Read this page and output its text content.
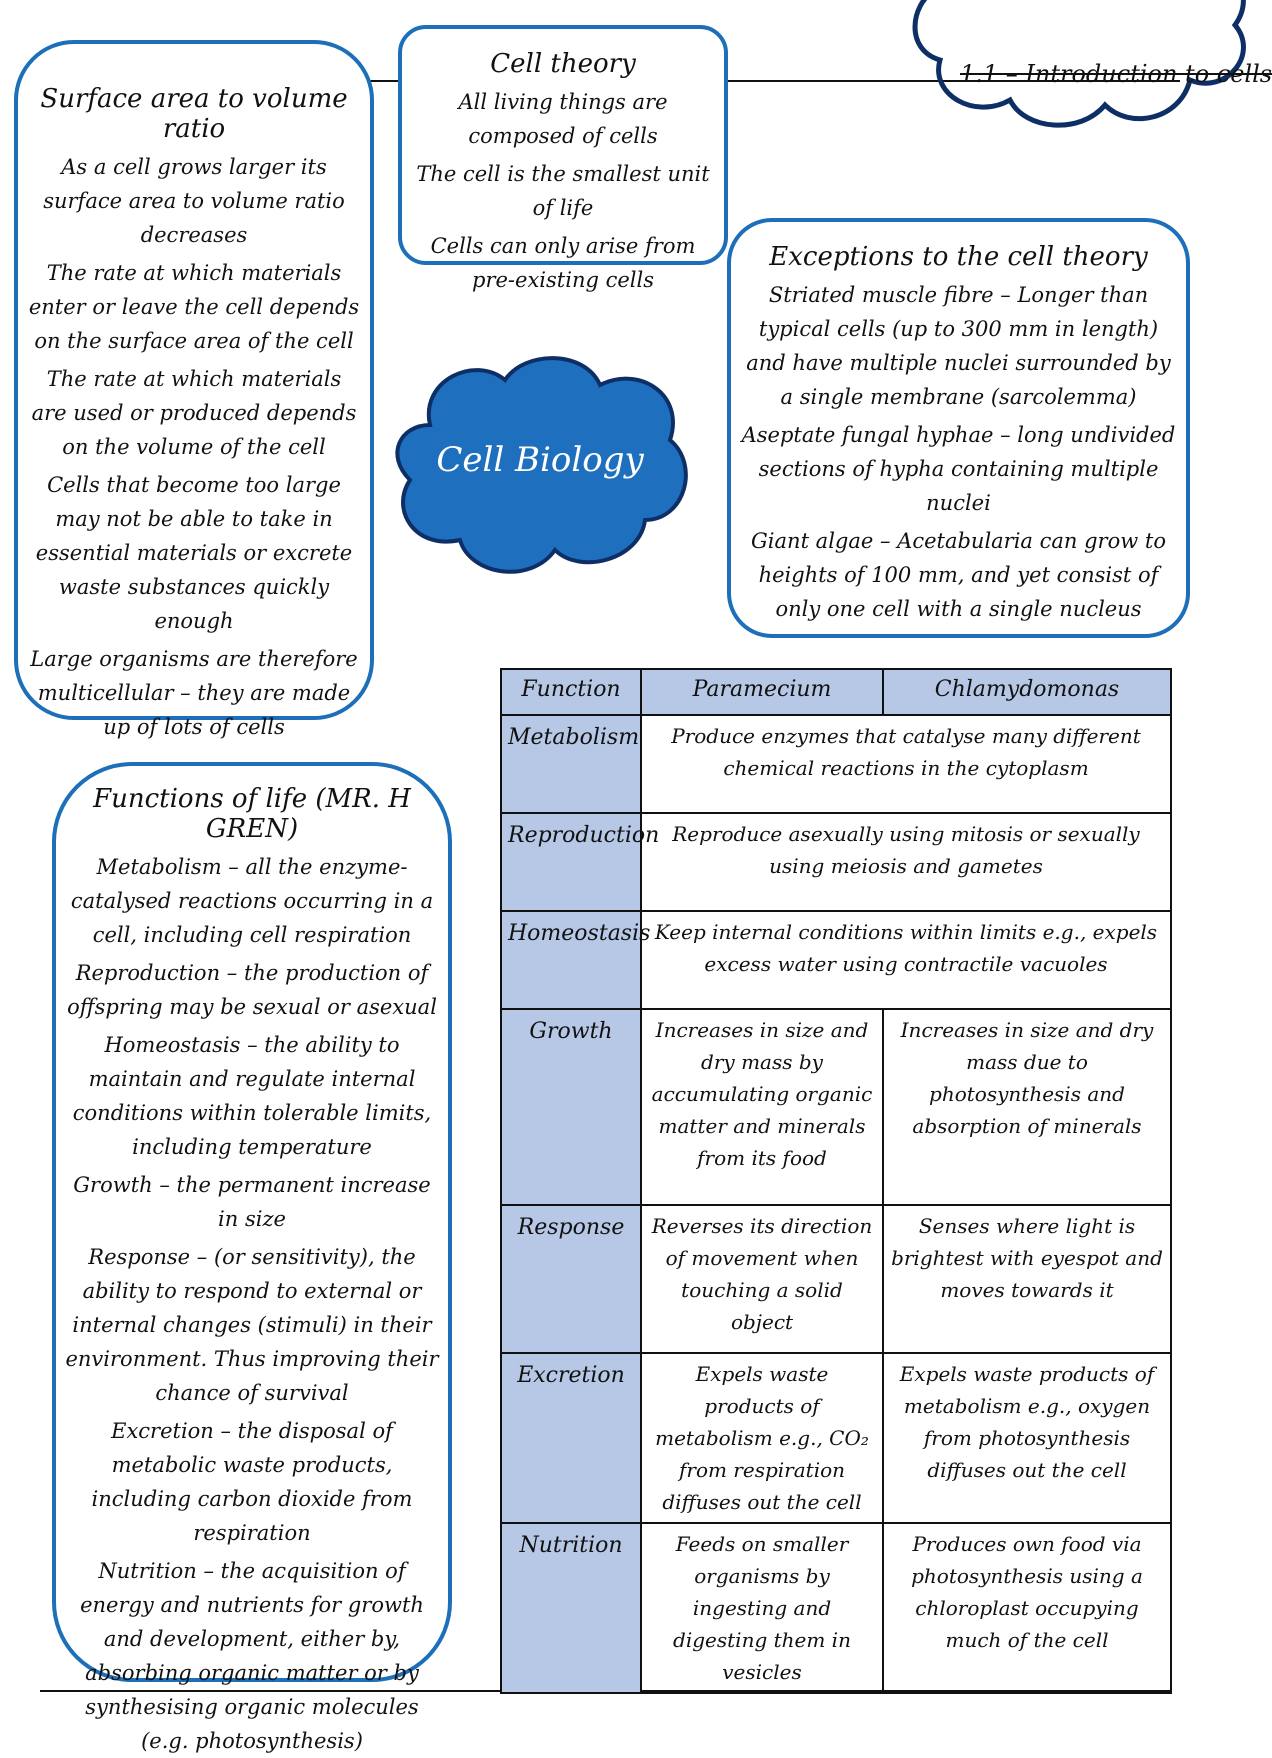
1.1 – Introduction to cells
Surface area to volume ratio

As a cell grows larger its surface area to volume ratio decreases

The rate at which materials enter or leave the cell depends on the surface area of the cell

The rate at which materials are used or produced depends on the volume of the cell

Cells that become too large may not be able to take in essential materials or excrete waste substances quickly enough

Large organisms are therefore multicellular – they are made up of lots of cells

Cell theory

All living things are composed of cells

The cell is the smallest unit of life

Cells can only arise from pre-existing cells

Exceptions to the cell theory

Striated muscle fibre – Longer than typical cells (up to 300 mm in length) and have multiple nuclei surrounded by a single membrane (sarcolemma)

Aseptate fungal hyphae – long undivided sections of hypha containing multiple nuclei

Giant algae – Acetabularia can grow to heights of 100 mm, and yet consist of only one cell with a single nucleus

Cell Biology
Functions of life (MR. H GREN)

Metabolism – all the enzyme-catalysed reactions occurring in a cell, including cell respiration

Reproduction – the production of offspring may be sexual or asexual

Homeostasis – the ability to maintain and regulate internal conditions within tolerable limits, including temperature

Growth – the permanent increase in size

Response – (or sensitivity), the ability to respond to external or internal changes (stimuli) in their environment. Thus improving their chance of survival

Excretion – the disposal of metabolic waste products, including carbon dioxide from respiration

Nutrition – the acquisition of energy and nutrients for growth and development, either by, absorbing organic matter or by synthesising organic molecules (e.g. photosynthesis)

Function	Paramecium	Chlamydomonas
Metabolism	Produce enzymes that catalyse many different chemical reactions in the cytoplasm	
Reproduction	Reproduce asexually using mitosis or sexually using meiosis and gametes	
Homeostasis	Keep internal conditions within limits e.g., expels excess water using contractile vacuoles	
Growth	Increases in size and dry mass by accumulating organic matter and minerals from its food	Increases in size and dry mass due to photosynthesis and absorption of minerals
Response	Reverses its direction of movement when touching a solid object	Senses where light is brightest with eyespot and moves towards it
Excretion	Expels waste products of metabolism e.g., CO₂ from respiration diffuses out the cell	Expels waste products of metabolism e.g., oxygen from photosynthesis diffuses out the cell
Nutrition	Feeds on smaller organisms by ingesting and digesting them in vesicles	Produces own food via photosynthesis using a chloroplast occupying much of the cell
